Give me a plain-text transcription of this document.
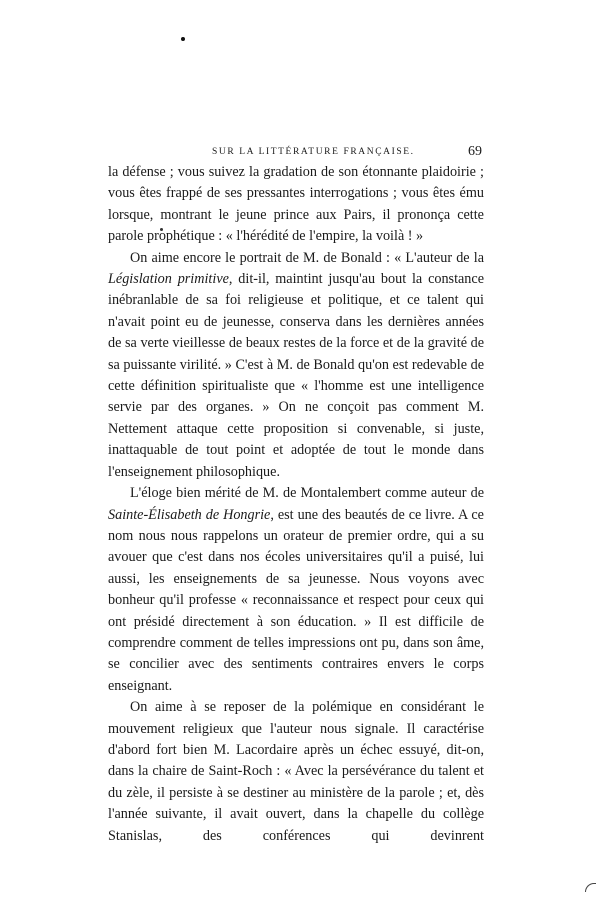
SUR LA LITTÉRATURE FRANÇAISE.	69

la défense ; vous suivez la gradation de son étonnante plaidoirie ; vous êtes frappé de ses pressantes interrogations ; vous êtes ému lorsque, montrant le jeune prince aux Pairs, il prononça cette parole prophétique : « l'hérédité de l'empire, la voilà ! »

On aime encore le portrait de M. de Bonald : « L'auteur de la Législation primitive, dit-il, maintint jusqu'au bout la constance inébranlable de sa foi religieuse et politique, et ce talent qui n'avait point eu de jeunesse, conserva dans les dernières années de sa verte vieillesse de beaux restes de la force et de la gravité de sa puissante virilité. » C'est à M. de Bonald qu'on est redevable de cette définition spiritualiste que « l'homme est une intelligence servie par des organes. » On ne conçoit pas comment M. Nettement attaque cette proposition si convenable, si juste, inattaquable de tout point et adoptée de tout le monde dans l'enseignement philosophique.

L'éloge bien mérité de M. de Montalembert comme auteur de Sainte-Élisabeth de Hongrie, est une des beautés de ce livre. A ce nom nous nous rappelons un orateur de premier ordre, qui a su avouer que c'est dans nos écoles universitaires qu'il a puisé, lui aussi, les enseignements de sa jeunesse. Nous voyons avec bonheur qu'il professe « reconnaissance et respect pour ceux qui ont présidé directement à son éducation. » Il est difficile de comprendre comment de telles impressions ont pu, dans son âme, se concilier avec des sentiments contraires envers le corps enseignant.

On aime à se reposer de la polémique en considérant le mouvement religieux que l'auteur nous signale. Il caractérise d'abord fort bien M. Lacordaire après un échec essuyé, dit-on, dans la chaire de Saint-Roch : « Avec la persévérance du talent et du zèle, il persiste à se destiner au ministère de la parole ; et, dès l'année suivante, il avait ouvert, dans la chapelle du collège Stanislas, des conférences qui devinrent
